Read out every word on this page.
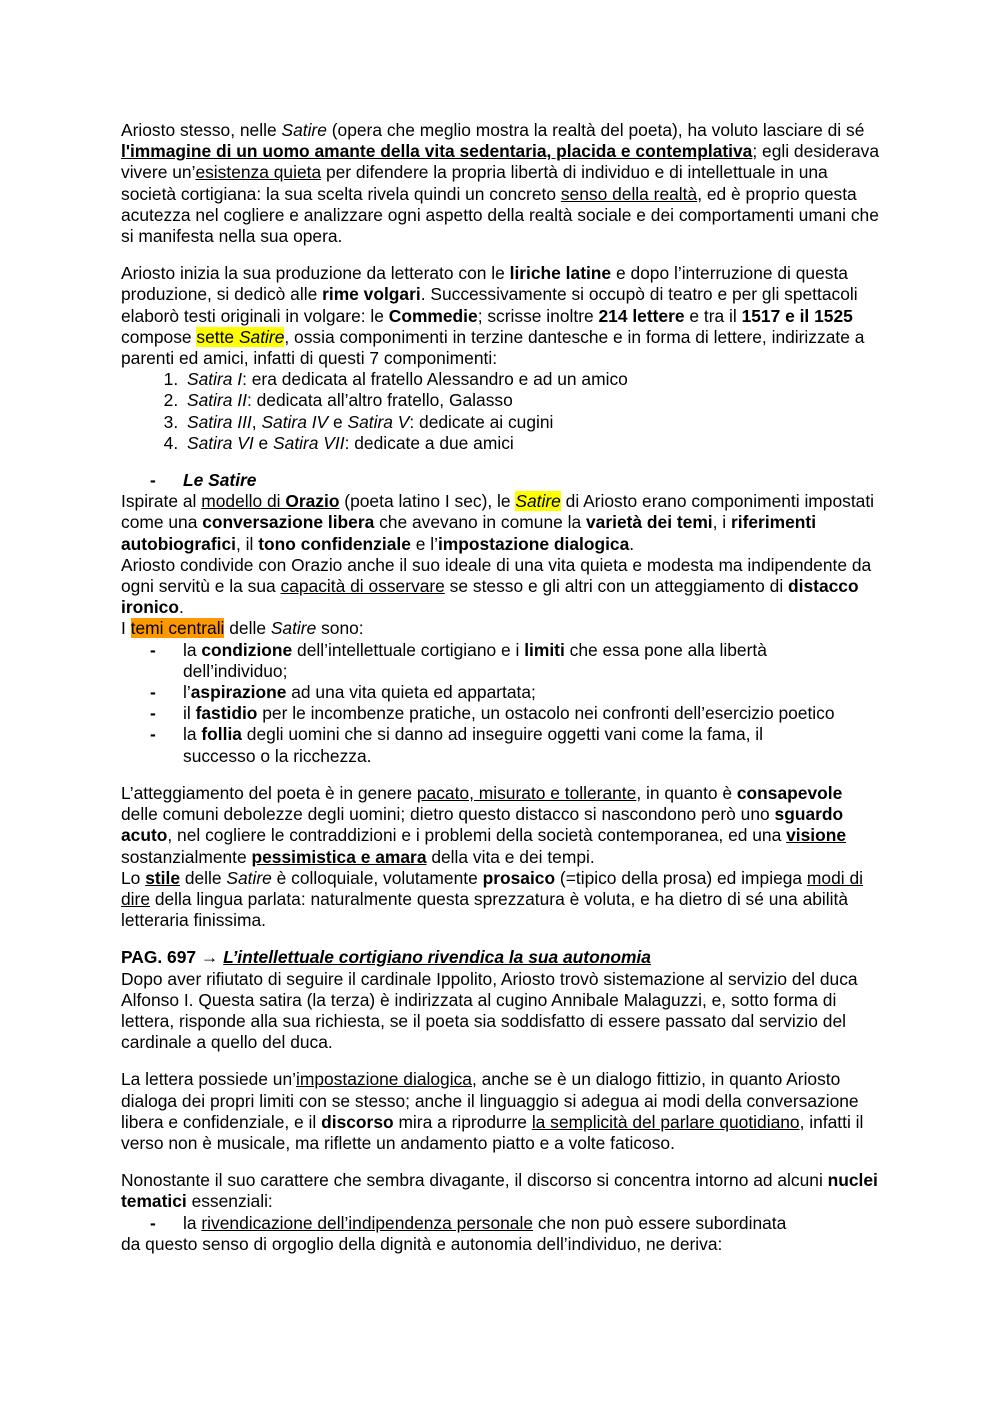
Ariosto stesso, nelle Satire (opera che meglio mostra la realtà del poeta), ha voluto lasciare di sé l'immagine di un uomo amante della vita sedentaria, placida e contemplativa; egli desiderava vivere un’esistenza quieta per difendere la propria libertà di individuo e di intellettuale in una società cortigiana: la sua scelta rivela quindi un concreto senso della realtà, ed è proprio questa acutezza nel cogliere e analizzare ogni aspetto della realtà sociale e dei comportamenti umani che si manifesta nella sua opera.

Ariosto inizia la sua produzione da letterato con le liriche latine e dopo l’interruzione di questa produzione, si dedicò alle rime volgari. Successivamente si occupò di teatro e per gli spettacoli elaborò testi originali in volgare: le Commedie; scrisse inoltre 214 lettere e tra il 1517 e il 1525 compose sette Satire, ossia componimenti in terzine dantesche e in forma di lettere, indirizzate a parenti ed amici, infatti di questi 7 componimenti:

1. Satira I: era dedicata al fratello Alessandro e ad un amico
2. Satira II: dedicata all’altro fratello, Galasso
3. Satira III, Satira IV e Satira V: dedicate ai cugini
4. Satira VI e Satira VII: dedicate a due amici

- Le Satire

Ispirate al modello di Orazio (poeta latino I sec), le Satire di Ariosto erano componimenti impostati come una conversazione libera che avevano in comune la varietà dei temi, i riferimenti autobiografici, il tono confidenziale e l’impostazione dialogica.

Ariosto condivide con Orazio anche il suo ideale di una vita quieta e modesta ma indipendente da ogni servitù e la sua capacità di osservare se stesso e gli altri con un atteggiamento di distacco ironico.

I temi centrali delle Satire sono:

- la condizione dell’intellettuale cortigiano e i limiti che essa pone alla libertà
dell’individuo;
- l’aspirazione ad una vita quieta ed appartata;
- il fastidio per le incombenze pratiche, un ostacolo nei confronti dell’esercizio poetico
- la follia degli uomini che si danno ad inseguire oggetti vani come la fama, il
successo o la ricchezza.

L’atteggiamento del poeta è in genere pacato, misurato e tollerante, in quanto è consapevole delle comuni debolezze degli uomini; dietro questo distacco si nascondono però uno sguardo acuto, nel cogliere le contraddizioni e i problemi della società contemporanea, ed una visione sostanzialmente pessimistica e amara della vita e dei tempi.

Lo stile delle Satire è colloquiale, volutamente prosaico (=tipico della prosa) ed impiega modi di dire della lingua parlata: naturalmente questa sprezzatura è voluta, e ha dietro di sé una abilità letteraria finissima.

PAG. 697 → L’intellettuale cortigiano rivendica la sua autonomia

Dopo aver rifiutato di seguire il cardinale Ippolito, Ariosto trovò sistemazione al servizio del duca Alfonso I. Questa satira (la terza) è indirizzata al cugino Annibale Malaguzzi, e, sotto forma di lettera, risponde alla sua richiesta, se il poeta sia soddisfatto di essere passato dal servizio del cardinale a quello del duca.

La lettera possiede un’impostazione dialogica, anche se è un dialogo fittizio, in quanto Ariosto dialoga dei propri limiti con se stesso; anche il linguaggio si adegua ai modi della conversazione libera e confidenziale, e il discorso mira a riprodurre la semplicità del parlare quotidiano, infatti il verso non è musicale, ma riflette un andamento piatto e a volte faticoso.

Nonostante il suo carattere che sembra divagante, il discorso si concentra intorno ad alcuni nuclei tematici essenziali:

- la rivendicazione dell’indipendenza personale che non può essere subordinata

da questo senso di orgoglio della dignità e autonomia dell’individuo, ne deriva:
